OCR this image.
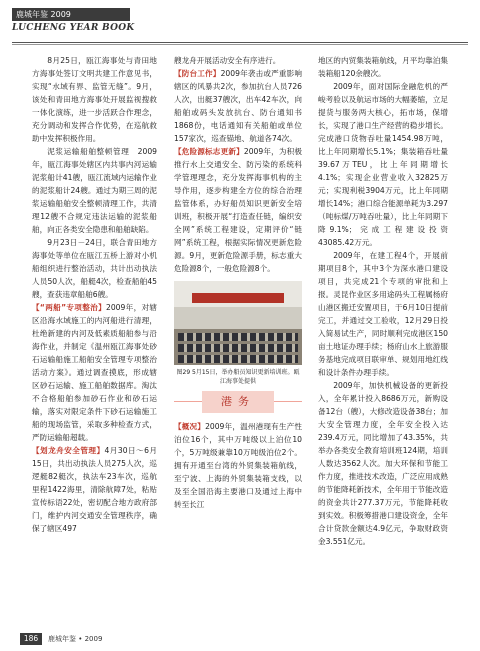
鹿城年鉴 2009
LUCHENG YEAR BOOK

8月25日，瓯江海事处与青田地方海事处签订文明共建工作意见书，实现“水域有界、监管无缝”。9月，该处和青田地方海事处开展监视搜救一体化演练，进一步活跃合作理念，充分调动和发挥合作优势，在巡航救助中发挥积极作用。

泥浆运输船舶整顿管理　2009年，瓯江海事处辖区内共事内河运输泥浆船计41艘，瓯江流域内运输作业的泥浆船计24艘。通过为期三周的泥浆运输船舶安全整顿清理工作，共清理12艘不合规定违法运输的泥浆船舶，向正各类安全隐患和船舶缺陷。

9月23日－24日，联合青田地方海事处等单位在瓯江五桥上游对小机船组织进行整治活动，共计出动执法人员50人次，船艇4次，检查船舶45艘，查获违章船舶6艘。

【“两船”专项整治】2009年，对辖区沿海水域施工的内河船进行清理，杜绝新建的内河及低素质船舶参与沿海作业，并制定《温州瓯江海事处砂石运输船施工船舶安全管理专项整治活动方案》。通过调查摸底，形成辖区砂石运输、施工船舶数据库。淘汰不合格船舶参加砂石作业和砂石运输，落实对限定条件下砂石运输施工船的现场监管，采取多种检查方式，严防运输船超载。

【划龙舟安全管理】4月30日～6月15日，共出动执法人员275人次，巡逻艇82艇次，执法车23车次，巡航里程1422海里，清除航障7处，粘贴宣传标语22处，密切配合地方政府部门，维护内河交通安全管理秩序，确保了辖区497

艘龙舟开展活动安全有序进行。

【防台工作】2009年袭击或严重影响辖区的风暴共2次，参加抗台人员726人次，出艇37艘次，出车42车次，向船舶或码头发放抗台、防台通知书1868份，电话通知有关船舶或单位157家次，巡查锚地、航道各74次。

【危险源标志更新】2009年，为积极推行水上交通安全、防污染的系统科学管理理念，充分发挥海事机构的主导作用，逐步构建全方位的综合治理监管体系，办好船员知识更新安全培训班，积极开展“打造查任链，编织安全网”系统工程建设，定期评价“链网”系统工程，根据实际情况更新危险源。9月，更新危险源手册，标志重大危险源8个，一般危险源8个。

图29 5月15日，举办船员知识更新培训班。瓯江海事处提供
港务

【概况】2009年，温州港现有生产性泊位16个，其中万吨级以上泊位10个，5万吨级兼靠10万吨级泊位2个。拥有开通至台湾的外贸集装箱航线，至宁波、上海的外贸集装箱支线，以及至全国沿海主要港口及通过上海中转至长江

地区的内贸集装箱航线，月平均靠泊集装箱船120余艘次。

2009年，面对国际金融危机的严峻考验以及航运市场的大幅萎缩，立足提货与服务两大核心，拓市场，保增长，实现了港口生产经营的稳步增长。完成港口货物吞吐量1454.98万吨，比上年同期增长5.1%；集装箱吞吐量39.67万TEU，比上年同期增长4.1%；实现企业营业收入32825万元；实现利税3904万元，比上年同期增长14%；港口综合能源单耗为3.297（吨标煤/万吨吞吐量），比上年同期下降9.1%；完成工程建设投资43085.42万元。

2009年，在建工程4个，开展前期项目8个，其中3个为深水港口建设项目，共完成21个专项的审批和上报。灵昆作业区多用途码头工程属杨府山港区搬迁安置项目，于6月10日提前完工，并通过交工验收，12月29日投入简易试生产，同时顺利完成港区150亩土地证办理手续；杨府山水上旅游服务基地完成项目联审单、规划用地红线和设计条件办理手续。

2009年，加快机械设备的更新投入，全年累计投入8686万元，新购设备12台（艘），大修改造设备38台；加大安全管理力度，全年安全投入达239.4万元，同比增加了43.35%，共举办各类安全教育培训班124期，培训人数达3562人次。加大环保和节能工作力度，推进技术改造，广泛应用成熟的节能降耗新技术，全年用于节能改造的资金共计277.37万元，节能降耗收到实效。积极筹措港口建设资金，全年合计贷款金额达4.9亿元，争取财政资金3.551亿元。

186	鹿城年鉴 • 2009
